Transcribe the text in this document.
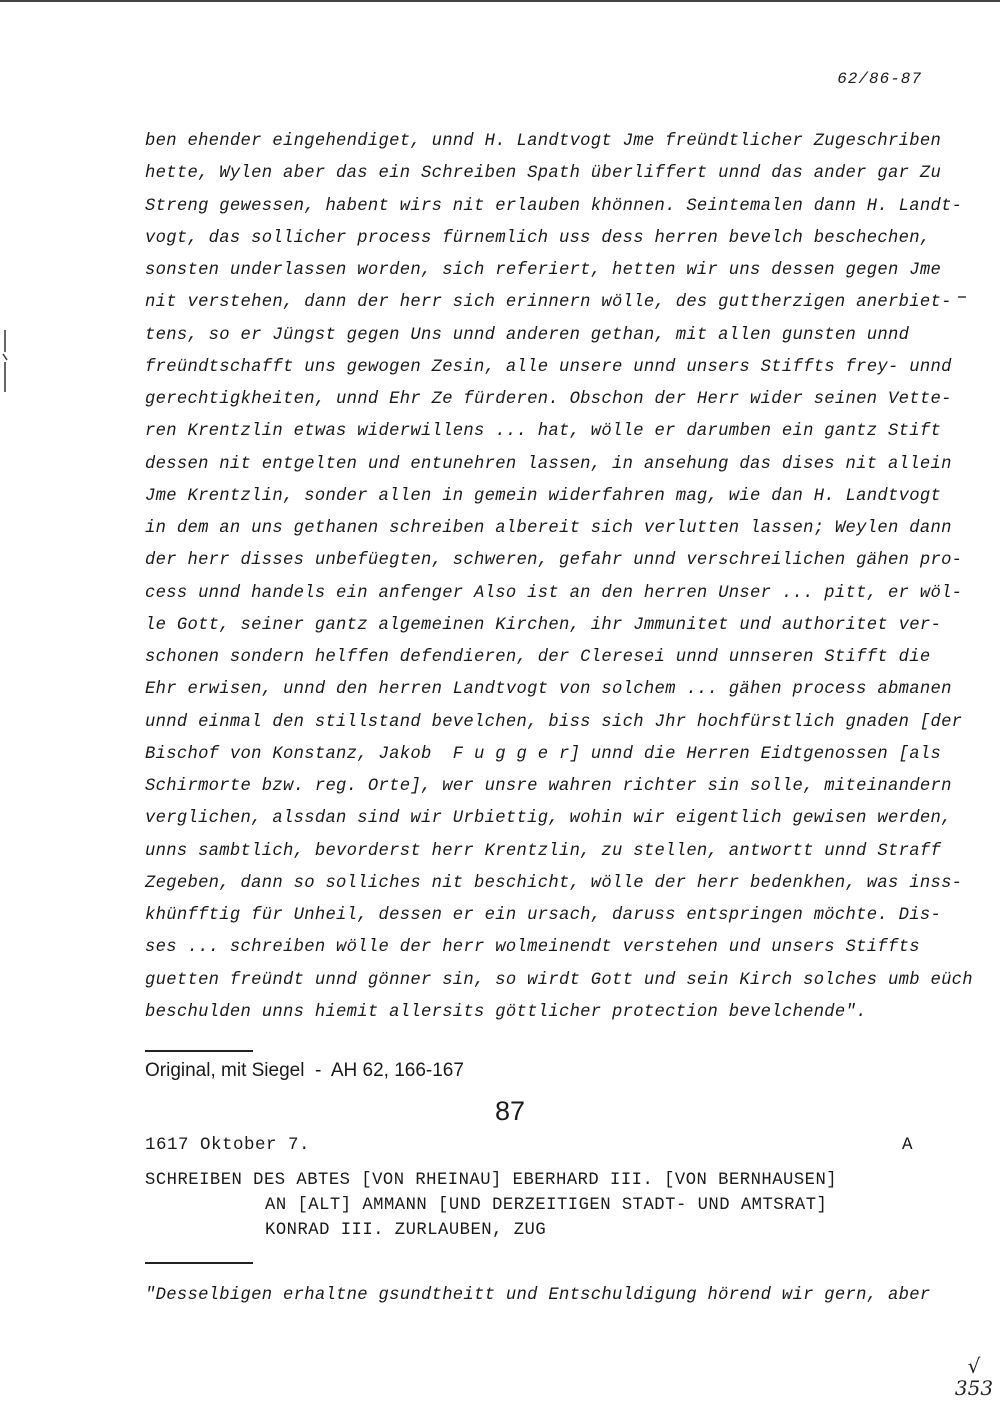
62/86-87
ben ehender eingehendiget, unnd H. Landtvogt Jme freündtlicher Zugeschriben
hette, Wylen aber das ein Schreiben Spath überliffert unnd das ander gar Zu
Streng gewessen, habent wirs nit erlauben khönnen. Seintemalen dann H. Landt-
vogt, das sollicher process fürnemlich uss dess herren bevelch beschechen,
sonsten underlassen worden, sich referiert, hetten wir uns dessen gegen Jme
nit verstehen, dann der herr sich erinnern wölle, des guttherzigen anerbiet-
tens, so er Jüngst gegen Uns unnd anderen gethan, mit allen gunsten unnd
freündtschafft uns gewogen Zesin, alle unsere unnd unsers Stiffts frey- unnd
gerechtigkheiten, unnd Ehr Ze fürderen. Obschon der Herr wider seinen Vette-
ren Krentzlin etwas widerwillens ... hat, wölle er darumben ein gantz Stift
dessen nit entgelten und entunehren lassen, in ansehung das dises nit allein
Jme Krentzlin, sonder allen in gemein widerfahren mag, wie dan H. Landtvogt
in dem an uns gethanen schreiben albereit sich verlutten lassen; Weylen dann
der herr disses unbefüegten, schweren, gefahr unnd verschreilichen gähen pro-
cess unnd handels ein anfenger Also ist an den herren Unser ... pitt, er wöl-
le Gott, seiner gantz algemeinen Kirchen, ihr Jmmunitet und authoritet ver-
schonen sondern helffen defendieren, der Cleresei unnd unnseren Stifft die
Ehr erwisen, unnd den herren Landtvogt von solchem ... gähen process abmanen
unnd einmal den stillstand bevelchen, biss sich Jhr hochfürstlich gnaden [der
Bischof von Konstanz, Jakob  F u g g e r] unnd die Herren Eidtgenossen [als
Schirmorte bzw. reg. Orte], wer unsre wahren richter sin solle, miteinandern
verglichen, alssdan sind wir Urbiettig, wohin wir eigentlich gewisen werden,
unns sambtlich, bevorderst herr Krentzlin, zu stellen, antwortt unnd Straff
Zegeben, dann so solliches nit beschicht, wölle der herr bedenkhen, was inss-
khünfftig für Unheil, dessen er ein ursach, daruss entspringen möchte. Dis-
ses ... schreiben wölle der herr wolmeinendt verstehen und unsers Stiffts
guetten freündt unnd gönner sin, so wirdt Gott und sein Kirch solches umb eüch
beschulden unns hiemit allersits göttlicher protection bevelchende".
Original, mit Siegel  -  AH 62, 166-167
87
1617 Oktober 7.	A
SCHREIBEN DES ABTES [VON RHEINAU] EBERHARD III. [VON BERNHAUSEN]
AN [ALT] AMMANN [UND DERZEITIGEN STADT- UND AMTSRAT]
KONRAD III. ZURLAUBEN, ZUG
"Desselbigen erhaltne gsundtheitt und Entschuldigung hörend wir gern, aber
√ 353
